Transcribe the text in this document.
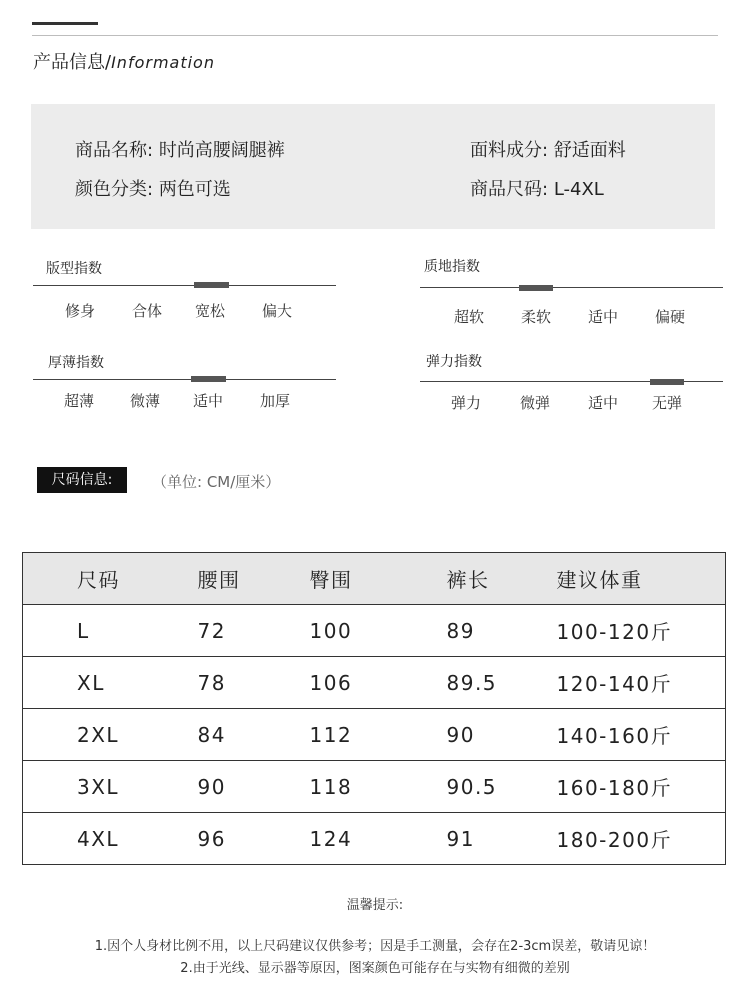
产品信息/Information
商品名称: 时尚高腰阔腿裤	面料成分: 舒适面料
颜色分类: 两色可选	商品尺码: L-4XL
版型指数
修身 合体 宽松 偏大
质地指数
超软 柔软 适中 偏硬
厚薄指数
超薄 微薄 适中 加厚
弹力指数
弹力	微弹	适中 无弹
尺码信息:	（单位: CM/厘米）
尺码	腰围	臀围	裤长	建议体重
L	72	100	89	100-120斤
XL	78	106	89.5	120-140斤
2XL	84	112	90	140-160斤
3XL	90	118	90.5	160-180斤
4XL	96	124	91	180-200斤
温馨提示:
1.因个人身材比例不用，以上尺码建议仅供参考；因是手工测量，会存在2-3cm误差，敬请见谅！
2.由于光线、显示器等原因，图案颜色可能存在与实物有细微的差别
